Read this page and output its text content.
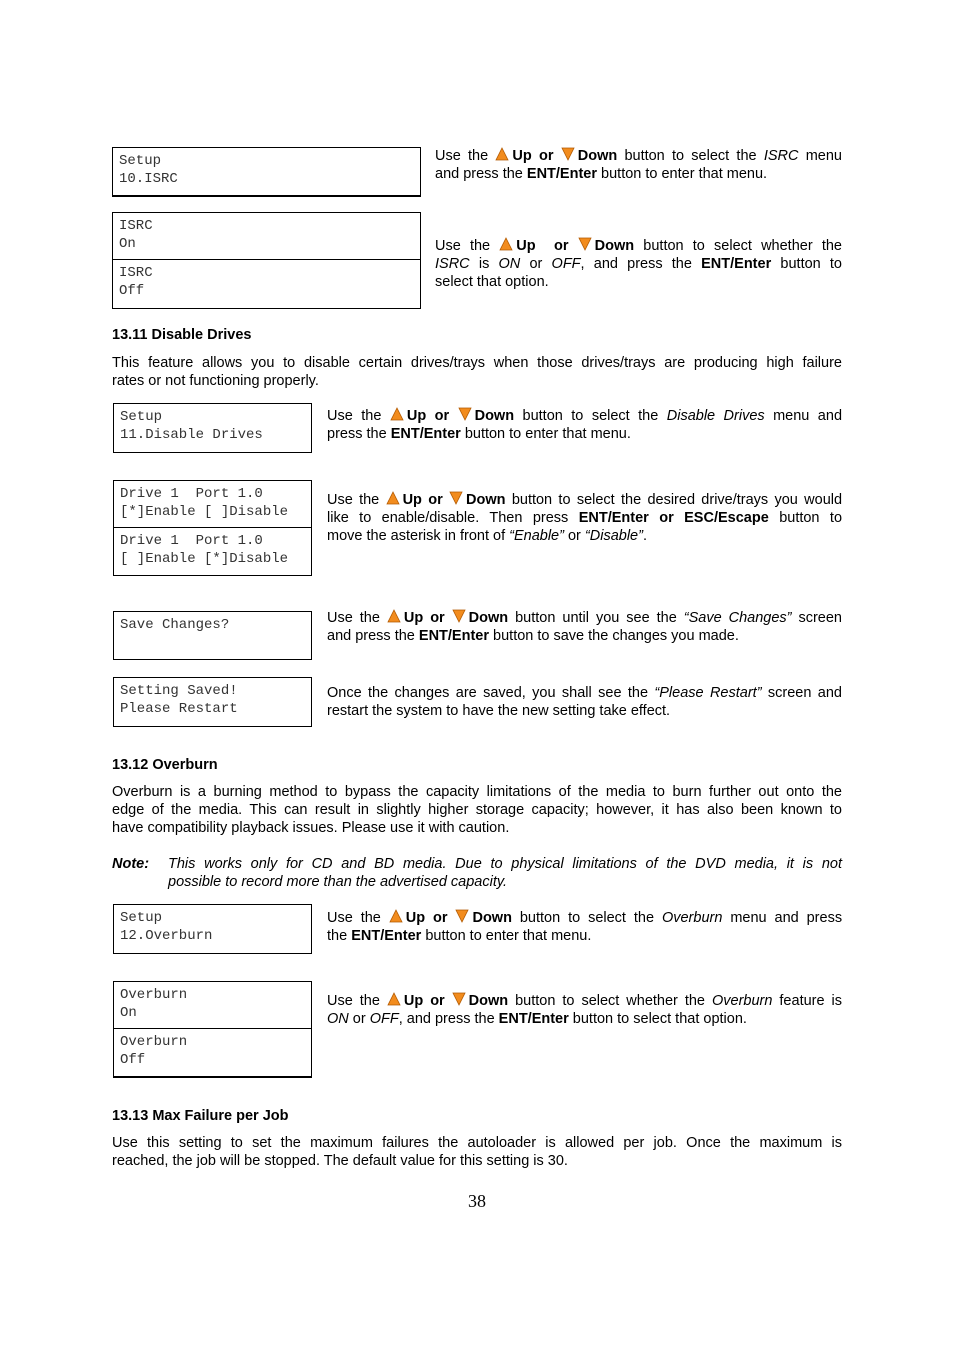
Setup
10.ISRC
Use the Up or Down button to select the ISRC menu
and press the ENT/Enter button to enter that menu.
ISRC
On
ISRC
Off
Use the Up or Down button to select whether the
ISRC is ON or OFF, and press the ENT/Enter button to
select that option.
13.11 Disable Drives
This feature allows you to disable certain drives/trays when those drives/trays are producing high failure
rates or not functioning properly.
Setup
11.Disable Drives
Use the Up or Down button to select the Disable Drives menu and
press the ENT/Enter button to enter that menu.
Drive 1  Port 1.0
[*]Enable [ ]Disable
Drive 1  Port 1.0
[ ]Enable [*]Disable
Use the Up or Down button to select the desired drive/trays you would
like to enable/disable. Then press ENT/Enter or ESC/Escape button to
move the asterisk in front of “Enable” or “Disable”.
Save Changes?	Use the Up or Down button until you see the “Save Changes” screen
and press the ENT/Enter button to save the changes you made.
Setting Saved!
Please Restart
Once the changes are saved, you shall see the “Please Restart” screen and
restart the system to have the new setting take effect.
13.12 Overburn
Overburn is a burning method to bypass the capacity limitations of the media to burn further out onto the
edge of the media. This can result in slightly higher storage capacity; however, it has also been known to
have compatibility playback issues. Please use it with caution.
Note: This works only for CD and BD media. Due to physical limitations of the DVD media, it is not
possible to record more than the advertised capacity.
Setup
12.Overburn
Use the Up or Down button to select the Overburn menu and press
the ENT/Enter button to enter that menu.
Overburn
On
Overburn
Off
Use the Up or Down button to select whether the Overburn feature is
ON or OFF, and press the ENT/Enter button to select that option.
13.13 Max Failure per Job
Use this setting to set the maximum failures the autoloader is allowed per job. Once the maximum is
reached, the job will be stopped. The default value for this setting is 30.
38
